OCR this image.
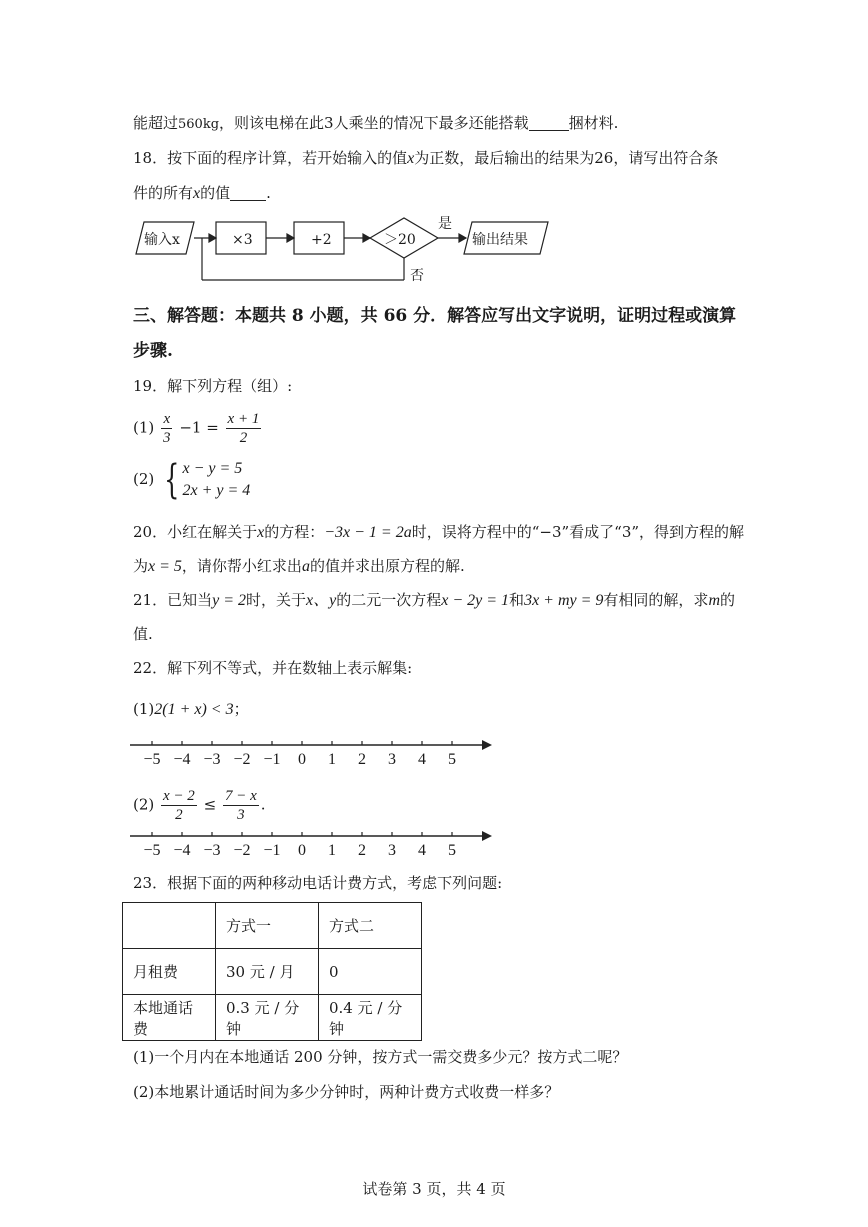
能超过560kg，则该电梯在此3人乘坐的情况下最多还能搭载	捆材料.
18．按下面的程序计算，若开始输入的值x为正数，最后输出的结果为26，请写出符合条
件的所有x的值 .
输入x	×3	+2	＞20
是
否
输出结果
三、解答题：本题共 8 小题，共 66 分．解答应写出文字说明，证明过程或演算
步骤.
19．解下列方程（组）:
$(1) \frac{x}{3} -1 = \frac{x + 1}{2}$
(2) { x − y = 5
2x + y = 4
20．小红在解关于x的方程：−3x − 1 = 2a时，误将方程中的“−3”看成了“3”，得到方程的解
为x = 5，请你帮小红求出a的值并求出原方程的解.
21．已知当y = 2时，关于x、y的二元一次方程x − 2y = 1和3x + my = 9有相同的解，求m的
值.
22．解下列不等式，并在数轴上表示解集:
(1)2(1 + x) < 3；
−5 −4 −3 −2 −1 0 1 2 3 4 5
$(2) \frac{x - 2}{2} \le \frac{7 - x}{3}$ .
−5 −4 −3 −2 −1 0 1 2 3 4 5
23．根据下面的两种移动电话计费方式，考虑下列问题:
	方式一	方式二
月租费	30 元 / 月	0
本地通话费	0.3 元 / 分钟	0.4 元 / 分钟
(1)一个月内在本地通话 200 分钟，按方式一需交费多少元？按方式二呢？
(2)本地累计通话时间为多少分钟时，两种计费方式收费一样多？
试卷第 3 页，共 4 页
